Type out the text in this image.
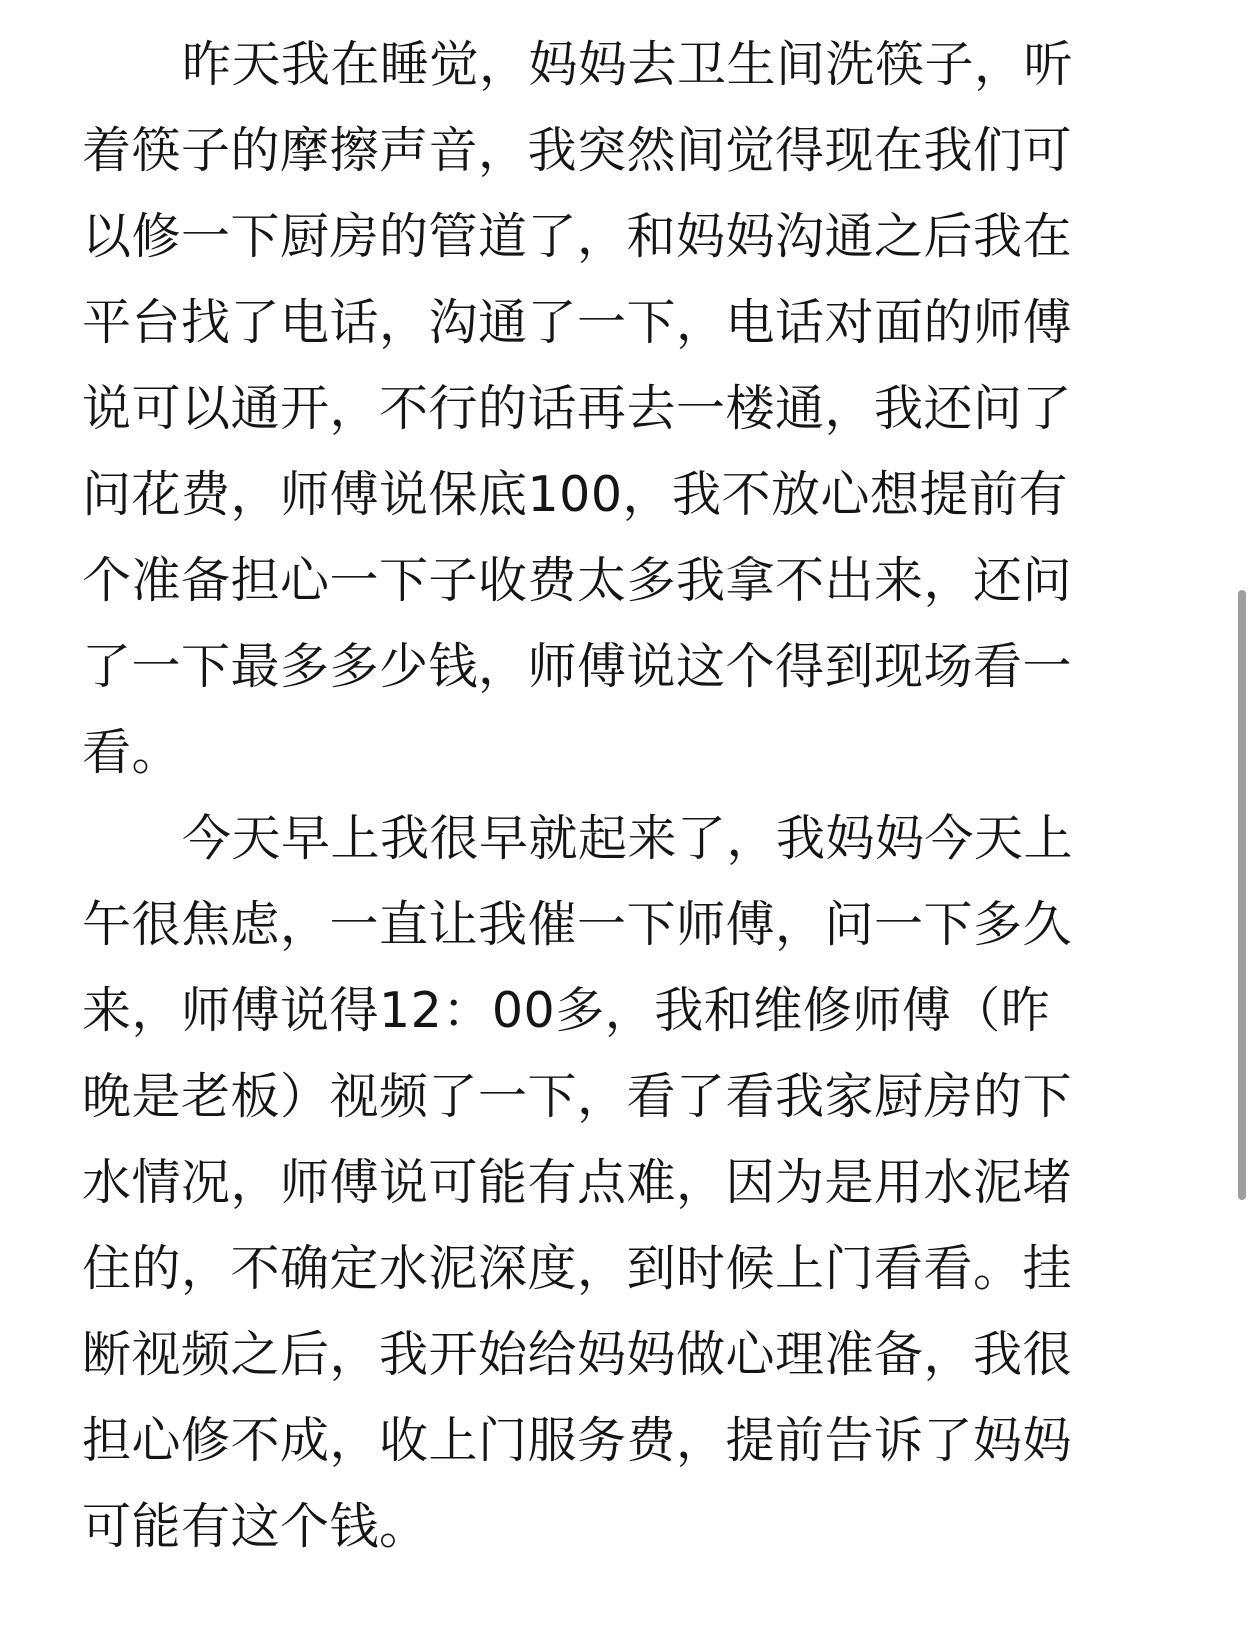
昨天我在睡觉，妈妈去卫生间洗筷子，听
着筷子的摩擦声音，我突然间觉得现在我们可
以修一下厨房的管道了，和妈妈沟通之后我在
平台找了电话，沟通了一下，电话对面的师傅
说可以通开，不行的话再去一楼通，我还问了
问花费，师傅说保底100，我不放心想提前有
个准备担心一下子收费太多我拿不出来，还问
了一下最多多少钱，师傅说这个得到现场看一
看。

今天早上我很早就起来了，我妈妈今天上
午很焦虑，一直让我催一下师傅，问一下多久
来，师傅说得12：00多，我和维修师傅（昨
晚是老板）视频了一下，看了看我家厨房的下
水情况，师傅说可能有点难，因为是用水泥堵
住的，不确定水泥深度，到时候上门看看。挂
断视频之后，我开始给妈妈做心理准备，我很
担心修不成，收上门服务费，提前告诉了妈妈
可能有这个钱。
